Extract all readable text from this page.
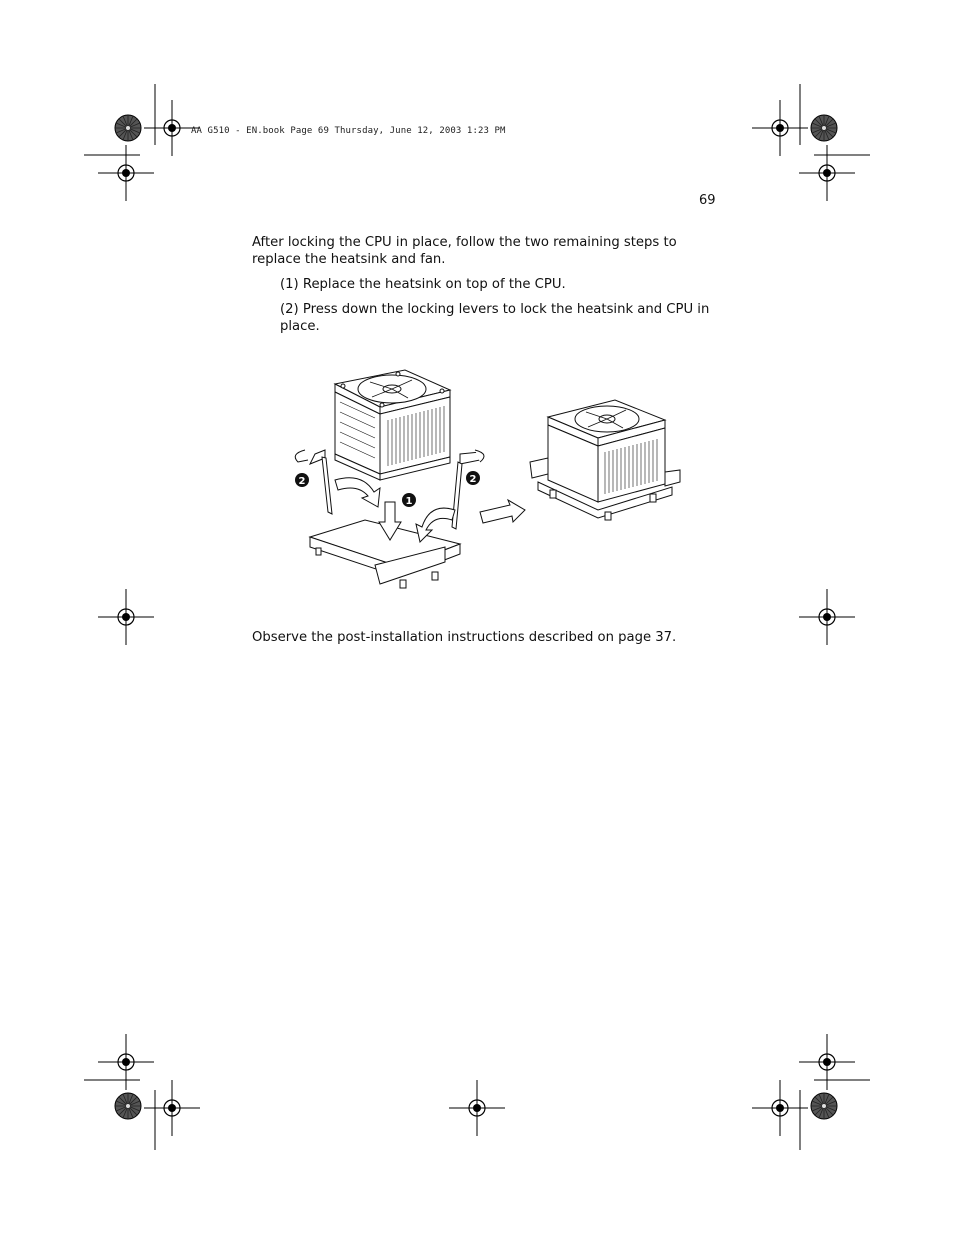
AA G510 - EN.book Page 69 Thursday, June 12, 2003 1:23 PM
69
After locking the CPU in place, follow the two remaining steps to replace the heatsink and fan.
(1) Replace the heatsink on top of the CPU.
(2) Press down the locking levers to lock the heatsink and CPU in place.
1
2	2
Observe the post-installation instructions described on page 37.
